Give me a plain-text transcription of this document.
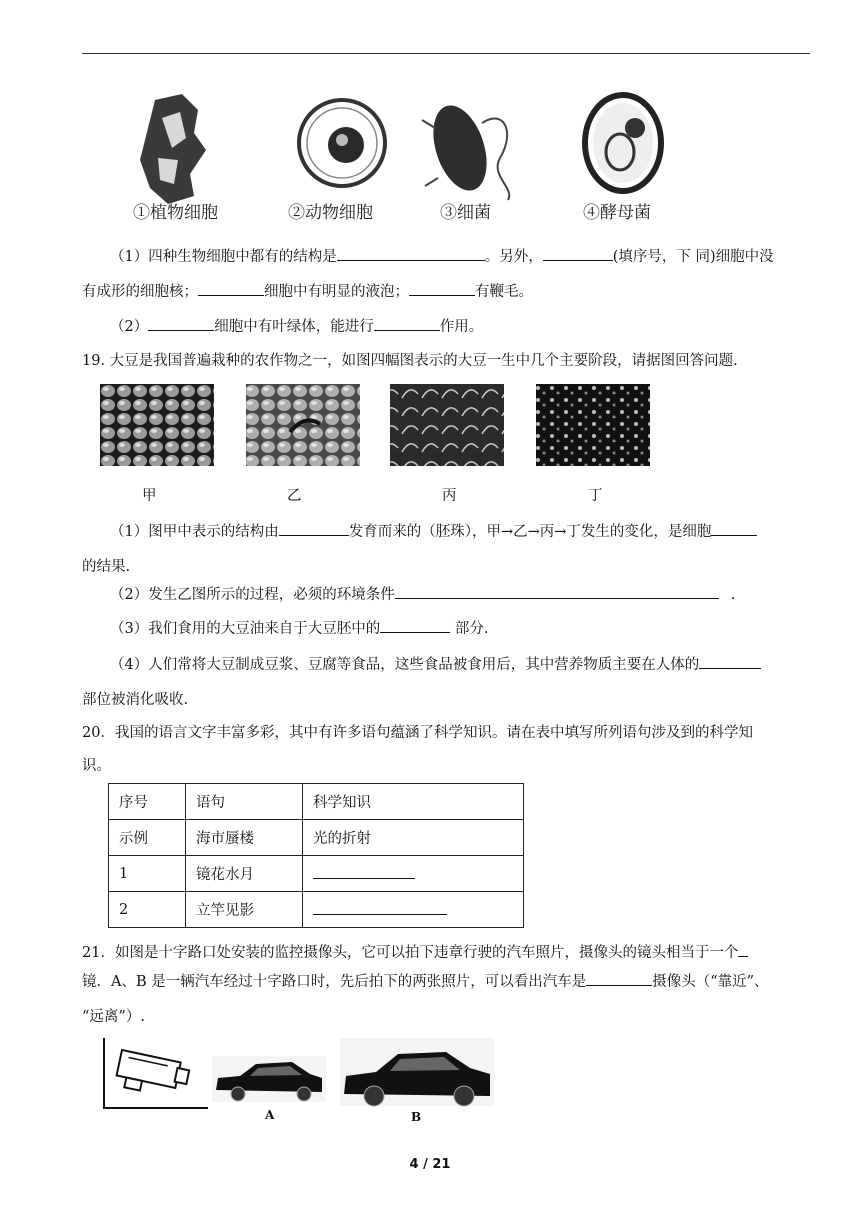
①植物细胞	②动物细胞	③细菌	④酵母菌
（1）四种生物细胞中都有的结构是	。另外，	(填序号，下 同)细胞中没
有成形的细胞核；	细胞中有明显的液泡；	有鞭毛。
（2）	细胞中有叶绿体，能进行	作用。
19. 大豆是我国普遍栽种的农作物之一，如图四幅图表示的大豆一生中几个主要阶段，请据图回答问题.
甲	乙	丙	丁
（1）图甲中表示的结构由	发育而来的（胚珠），甲→乙→丙→丁发生的变化，是细胞
的结果.
（2）发生乙图所示的过程，必须的环境条件	.
（3）我们食用的大豆油来自于大豆胚中的	部分.
（4）人们常将大豆制成豆浆、豆腐等食品，这些食品被食用后，其中营养物质主要在人体的
部位被消化吸收.
20．我国的语言文字丰富多彩，其中有许多语句蕴涵了科学知识。请在表中填写所列语句涉及到的科学知
识。
序号	语句	科学知识
示例	海市蜃楼	光的折射
1	镜花水月	
2	立竿见影	
21．如图是十字路口处安装的监控摄像头，它可以拍下违章行驶的汽车照片，摄像头的镜头相当于一个
镜．A、B 是一辆汽车经过十字路口时，先后拍下的两张照片，可以看出汽车是	摄像头（“靠近”、
“远离”）.
A	B
4 / 21
